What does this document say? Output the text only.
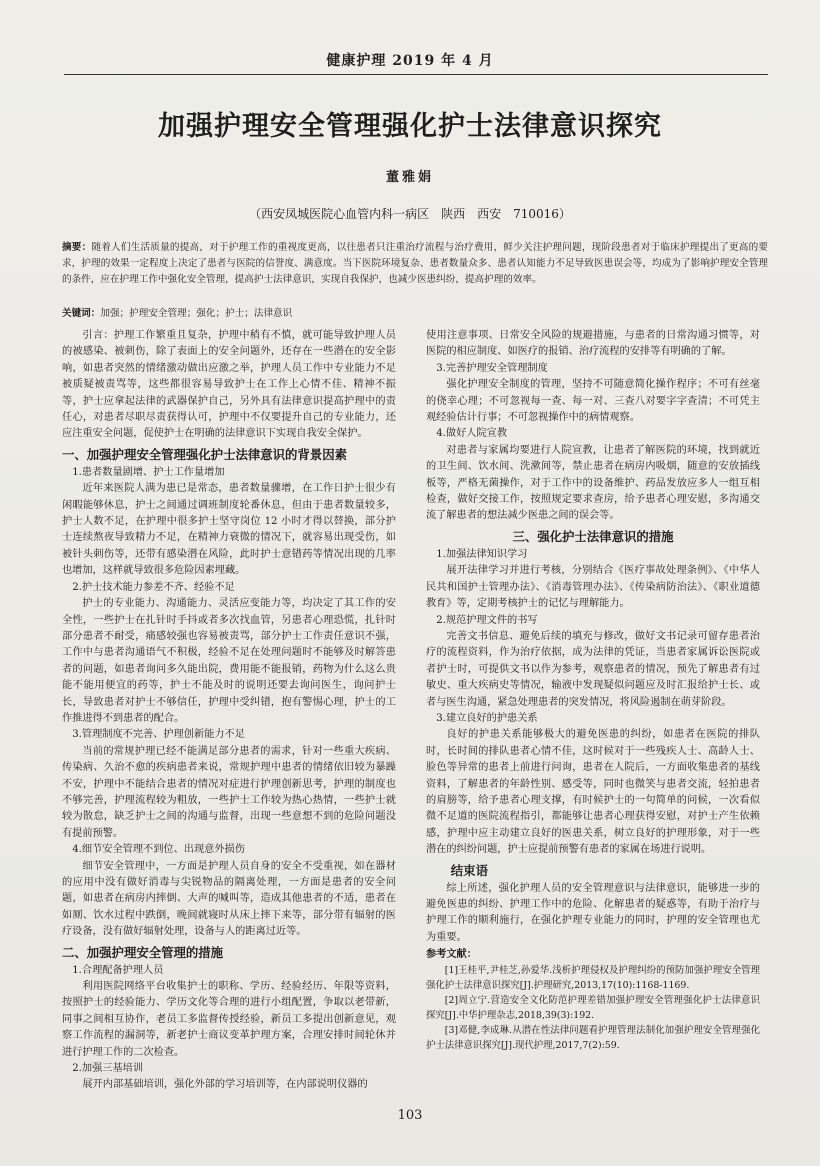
健康护理 2019 年 4 月
加强护理安全管理强化护士法律意识探究
董雅娟
（西安凤城医院心血管内科一病区　陕西　西安　710016）
摘要：随着人们生活质量的提高，对于护理工作的重视度更高，以往患者只注重治疗流程与治疗费用，鲜少关注护理问题，现阶段患者对于临床护理提出了更高的要求，护理的效果一定程度上决定了患者与医院的信誉度、满意度。当下医院环境复杂、患者数量众多、患者认知能力不足导致医患误会等，均成为了影响护理安全管理的条件，应在护理工作中强化安全管理，提高护士法律意识，实现自我保护，也减少医患纠纷，提高护理的效率。
关键词：加强；护理安全管理；强化；护士；法律意识

引言：护理工作繁重且复杂，护理中稍有不慎，就可能导致护理人员的被感染、被刺伤，除了表面上的安全问题外，还存在一些潜在的安全影响，如患者突然的情绪激动做出应激之举，护理人员工作中专业能力不足被质疑被责骂等，这些都很容易导致护士在工作上心情不佳、精神不振等，护士应拿起法律的武器保护自己，另外具有法律意识提高护理中的责任心，对患者尽职尽责获得认可，护理中不仅要提升自己的专业能力，还应注重安全问题，促使护士在明确的法律意识下实现自我安全保护。

一、加强护理安全管理强化护士法律意识的背景因素
1.患者数量剧增、护士工作量增加

近年来医院人满为患已是常态，患者数量骤增，在工作日护士很少有闲暇能够休息，护士之间通过调班制度轮番休息，但由于患者数量较多，护士人数不足，在护理中很多护士坚守岗位 12 小时才得以替换，部分护士连续熬夜导致精力不足，在精神力衰微的情况下，就容易出现受伤，如被针头刺伤等，还带有感染潜在风险，此时护士意错药等情况出现的几率也增加，这样就导致很多危险因素埋藏。

2.护士技术能力参差不齐、经验不足

护士的专业能力、沟通能力、灵活应变能力等，均决定了其工作的安全性，一些护士在扎针时手抖或者多次找血管，另患者心理恐慌，扎针时部分患者不耐受，痛感较强也容易被责骂，部分护士工作责任意识不强，工作中与患者沟通语气不积极，经验不足在处理问题时不能够及时解答患者的问题，如患者询问多久能出院，费用能不能报销，药物为什么这么贵能不能用便宜的药等，护士不能及时的说明还要去询问医生，询问护士长，导致患者对护士不够信任，护理中受纠错，抱有警惕心理，护士的工作推进得不到患者的配合。

3.管理制度不完善、护理创新能力不足

当前的常规护理已经不能满足部分患者的需求，针对一些重大疾病、传染病、久治不愈的疾病患者来说，常规护理中患者的情绪依旧较为暴躁不安，护理中不能结合患者的情况对症进行护理创新思考，护理的制度也不够完善，护理流程较为粗放，一些护士工作较为热心热情，一些护士就较为散怠，缺乏护士之间的沟通与监督，出现一些意想不到的危险问题没有提前预警。

4.细节安全管理不到位、出现意外损伤

细节安全管理中，一方面是护理人员自身的安全不受重视，如在器材的应用中没有做好消毒与尖锐物品的隔离处理，一方面是患者的安全问题，如患者在病房内摔倒、大声的喊叫等，造成其他患者的不适，患者在如厕、饮水过程中跌倒，晚间就寝时从床上摔下来等，部分带有辐射的医疗设备，没有做好辐射处理，设备与人的距离过近等。

二、加强护理安全管理的措施
1.合理配备护理人员

利用医院网络平台收集护士的职称、学历、经验经历、年限等资料，按照护士的经验能力、学历文化等合理的进行小组配置，争取以老带新，同事之间相互协作，老员工多监督传授经验，新员工多提出创新意见，观察工作流程的漏洞等，新老护士商议变革护理方案，合理安排时间轮休并进行护理工作的二次检查。

2.加强三基培训

展开内部基础培训，强化外部的学习培训等，在内部说明仪器的

使用注意事项、日常安全风险的规避措施，与患者的日常沟通习惯等，对医院的相应制度、如医疗的报销、治疗流程的安排等有明确的了解。

3.完善护理安全管理制度

强化护理安全制度的管理，坚持不可随意简化操作程序；不可有丝毫的侥幸心理；不可忽视每一查、每一对、三查八对要字字查清；不可凭主观经验估计行事；不可忽视操作中的病情观察。

4.做好人院宣教

对患者与家属均要进行人院宣教，让患者了解医院的环境，找到就近的卫生间、饮水间、洗漱间等，禁止患者在病房内吸烟，随意的安放插线板等，严格无菌操作，对于工作中的设备维护、药品发放应多人一组互相检查，做好交接工作，按照规定要求查房，给予患者心理安慰，多沟通交流了解患者的想法减少医患之间的误会等。

三、强化护士法律意识的措施
1.加强法律知识学习

展开法律学习并进行考核，分别结合《医疗事故处理条例》、《中华人民共和国护士管理办法》、《消毒管理办法》、《传染病防治法》、《职业道德教育》等，定期考核护士的记忆与理解能力。

2.规范护理文件的书写

完善文书信息、避免后续的填充与修改，做好文书记录可留存患者治疗的流程资料，作为治疗依据，成为法律的凭证，当患者家属诉讼医院或者护士时，可提供文书以作为参考，观察患者的情况，预先了解患者有过敏史、重大疾病史等情况，输液中发现疑似问题应及时汇报给护士长、或者与医生沟通，紧急处理患者的突发情况，将风险遏制在萌芽阶段。

3.建立良好的护患关系

良好的护患关系能够极大的避免医患的纠纷，如患者在医院的排队时，长时间的排队患者心情不佳，这时候对于一些残疾人士、高龄人士、脸色等异常的患者上前进行问询，患者在人院后，一方面收集患者的基线资料，了解患者的年龄性别、感受等，同时也微笑与患者交流，轻拍患者的肩膀等，给予患者心理支撑，有时候护士的一句简单的问候，一次看似微不足道的医院流程指引，都能够让患者心理获得安慰，对护士产生依赖感，护理中应主动建立良好的医患关系，树立良好的护理形象，对于一些潜在的纠纷问题，护士应提前预警有患者的家属在场进行说明。

结束语

综上所述，强化护理人员的安全管理意识与法律意识，能够进一步的避免医患的纠纷、护理工作中的危险、化解患者的疑惑等，有助于治疗与护理工作的顺利施行，在强化护理专业能力的同时，护理的安全管理也尤为重要。

参考文献：

[1]王桂平,尹桂芝,孙爱华.浅析护理侵权及护理纠纷的预防加强护理安全管理强化护士法律意识探究[J].护理研究,2013,17(10):1168-1169.

[2]周立宁.营造安全文化防范护理差错加强护理安全管理强化护士法律意识探究[J].中华护理杂志,2018,39(3):192.

[3]邓健,李成琳.从潜在性法律问题看护理管理法制化加强护理安全管理强化护士法律意识探究[J].现代护理,2017,7(2):59.

103
